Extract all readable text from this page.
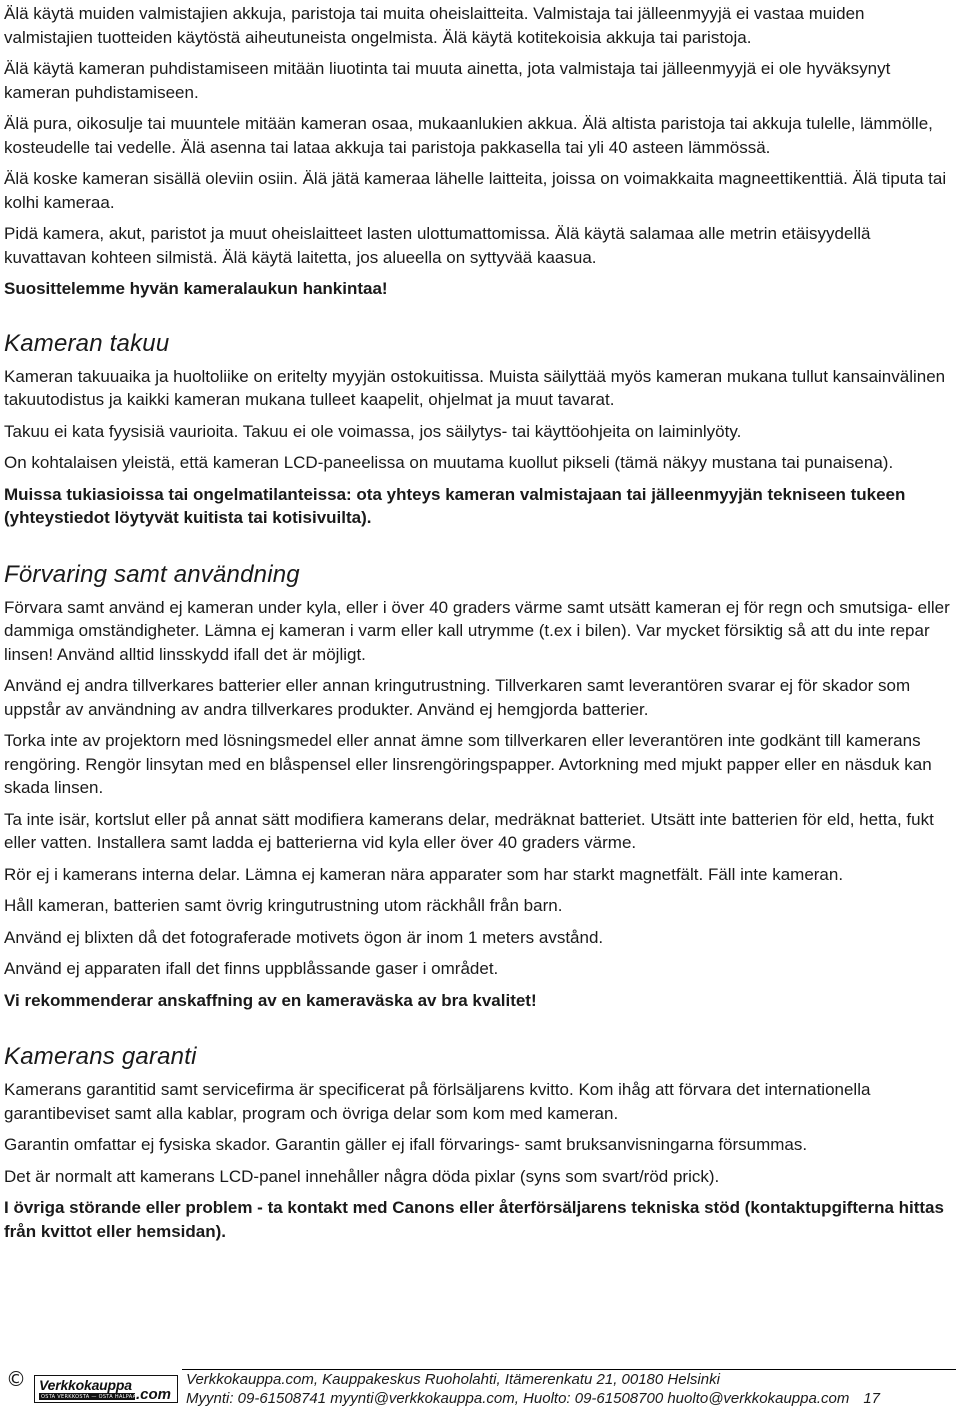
Älä käytä muiden valmistajien akkuja, paristoja tai muita oheislaitteita. Valmistaja tai jälleenmyyjä ei vastaa muiden valmistajien tuotteiden käytöstä aiheutuneista ongelmista. Älä käytä kotitekoisia akkuja tai paristoja.

Älä käytä kameran puhdistamiseen mitään liuotinta tai muuta ainetta, jota valmistaja tai jälleenmyyjä ei ole hyväksynyt kameran puhdistamiseen.

Älä pura, oikosulje tai muuntele mitään kameran osaa, mukaanlukien akkua. Älä altista paristoja tai akkuja tulelle, lämmölle, kosteudelle tai vedelle. Älä asenna tai lataa akkuja tai paristoja pakkasella tai yli 40 asteen lämmössä.

Älä koske kameran sisällä oleviin osiin. Älä jätä kameraa lähelle laitteita, joissa on voimakkaita magneettikenttiä. Älä tiputa tai kolhi kameraa.

Pidä kamera, akut, paristot ja muut oheislaitteet lasten ulottumattomissa. Älä käytä salamaa alle metrin etäisyydellä kuvattavan kohteen silmistä. Älä käytä laitetta, jos alueella on syttyvää kaasua.

Suosittelemme hyvän kameralaukun hankintaa!

Kameran takuu

Kameran takuuaika ja huoltoliike on eritelty myyjän ostokuitissa. Muista säilyttää myös kameran mukana tullut kansainvälinen takuutodistus ja kaikki kameran mukana tulleet kaapelit, ohjelmat ja muut tavarat.

Takuu ei kata fyysisiä vaurioita. Takuu ei ole voimassa, jos säilytys- tai käyttöohjeita on laiminlyöty.

On kohtalaisen yleistä, että kameran LCD-paneelissa on muutama kuollut pikseli (tämä näkyy mustana tai punaisena).

Muissa tukiasioissa tai ongelmatilanteissa: ota yhteys kameran valmistajaan tai jälleenmyyjän tekniseen tukeen (yhteystiedot löytyvät kuitista tai kotisivuilta).

Förvaring samt användning

Förvara samt använd ej kameran under kyla, eller i över 40 graders värme samt utsätt kameran ej för regn och smutsiga- eller dammiga omständigheter. Lämna ej kameran i varm eller kall utrymme (t.ex i bilen). Var mycket försiktig så att du inte repar linsen! Använd alltid linsskydd ifall det är möjligt.

Använd ej andra tillverkares batterier eller annan kringutrustning. Tillverkaren samt leverantören svarar ej för skador som uppstår av användning av andra tillverkares produkter. Använd ej hemgjorda batterier.

Torka inte av projektorn med lösningsmedel eller annat ämne som tillverkaren eller leverantören inte godkänt till kamerans rengöring. Rengör linsytan med en blåspensel eller linsrengöringspapper. Avtorkning med mjukt papper eller en näsduk kan skada linsen.

Ta inte isär, kortslut eller på annat sätt modifiera kamerans delar, medräknat batteriet. Utsätt inte batterien för eld, hetta, fukt eller vatten. Installera samt ladda ej batterierna vid kyla eller över 40 graders värme.

Rör ej i kamerans interna delar. Lämna ej kameran nära apparater som har starkt magnetfält. Fäll inte kameran.

Håll kameran, batterien samt övrig kringutrustning utom räckhåll från barn.

Använd ej blixten då det fotograferade motivets ögon är inom 1 meters avstånd.

Använd ej apparaten ifall det finns uppblåssande gaser i området.

Vi rekommenderar anskaffning av en kameraväska av bra kvalitet!

Kamerans garanti

Kamerans garantitid samt servicefirma är specificerat på förlsäljarens kvitto. Kom ihåg att förvara det internationella garantibeviset samt alla kablar, program och övriga delar som kom med kameran.

Garantin omfattar ej fysiska skador. Garantin gäller ej ifall förvarings- samt bruksanvisningarna försummas.

Det är normalt att kamerans LCD-panel innehåller några döda pixlar (syns som svart/röd prick).

I övriga störande eller problem - ta kontakt med Canons eller återförsäljarens tekniska stöd (kontaktupgifterna hittas från kvittot eller hemsidan).

© Verkkokauppa
OSTA VERKKOSTA — OSTA HALPAA .com
Verkkokauppa.com, Kauppakeskus Ruoholahti, Itämerenkatu 21, 00180 Helsinki
Myynti: 09-61508741 myynti@verkkokauppa.com, Huolto: 09-61508700 huolto@verkkokauppa.com 17
